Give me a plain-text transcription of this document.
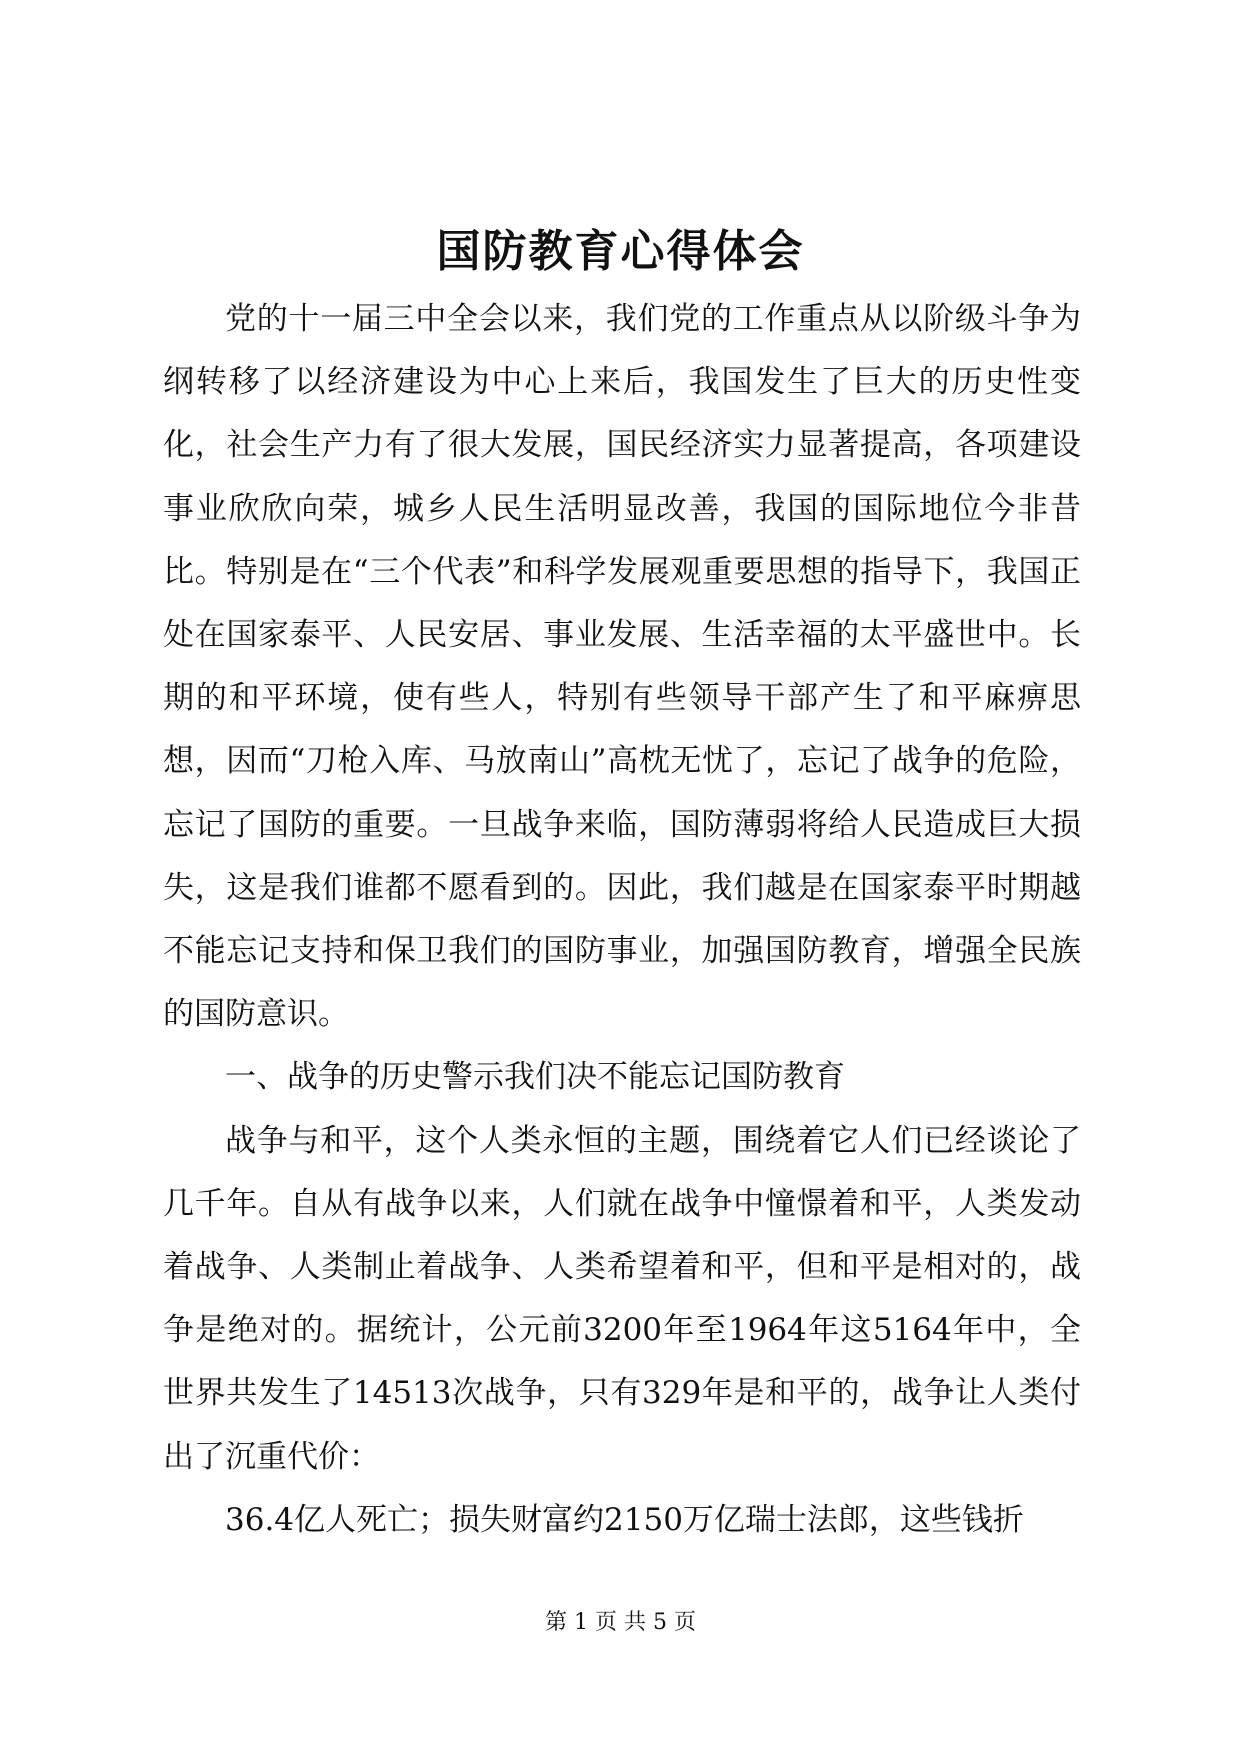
国防教育心得体会

党的十一届三中全会以来，我们党的工作重点从以阶级斗争为纲转移了以经济建设为中心上来后，我国发生了巨大的历史性变化，社会生产力有了很大发展，国民经济实力显著提高，各项建设事业欣欣向荣，城乡人民生活明显改善，我国的国际地位今非昔比。特别是在“三个代表”和科学发展观重要思想的指导下，我国正处在国家泰平、人民安居、事业发展、生活幸福的太平盛世中。长期的和平环境，使有些人，特别有些领导干部产生了和平麻痹思想，因而“刀枪入库、马放南山”高枕无忧了，忘记了战争的危险，忘记了国防的重要。一旦战争来临，国防薄弱将给人民造成巨大损失，这是我们谁都不愿看到的。因此，我们越是在国家泰平时期越不能忘记支持和保卫我们的国防事业，加强国防教育，增强全民族的国防意识。

一、战争的历史警示我们决不能忘记国防教育

战争与和平，这个人类永恒的主题，围绕着它人们已经谈论了几千年。自从有战争以来，人们就在战争中憧憬着和平，人类发动着战争、人类制止着战争、人类希望着和平，但和平是相对的，战争是绝对的。据统计，公元前3200年至1964年这5164年中，全世界共发生了14513次战争，只有329年是和平的，战争让人类付出了沉重代价：

36.4亿人死亡；损失财富约2150万亿瑞士法郎，这些钱折

第 1 页 共 5 页
